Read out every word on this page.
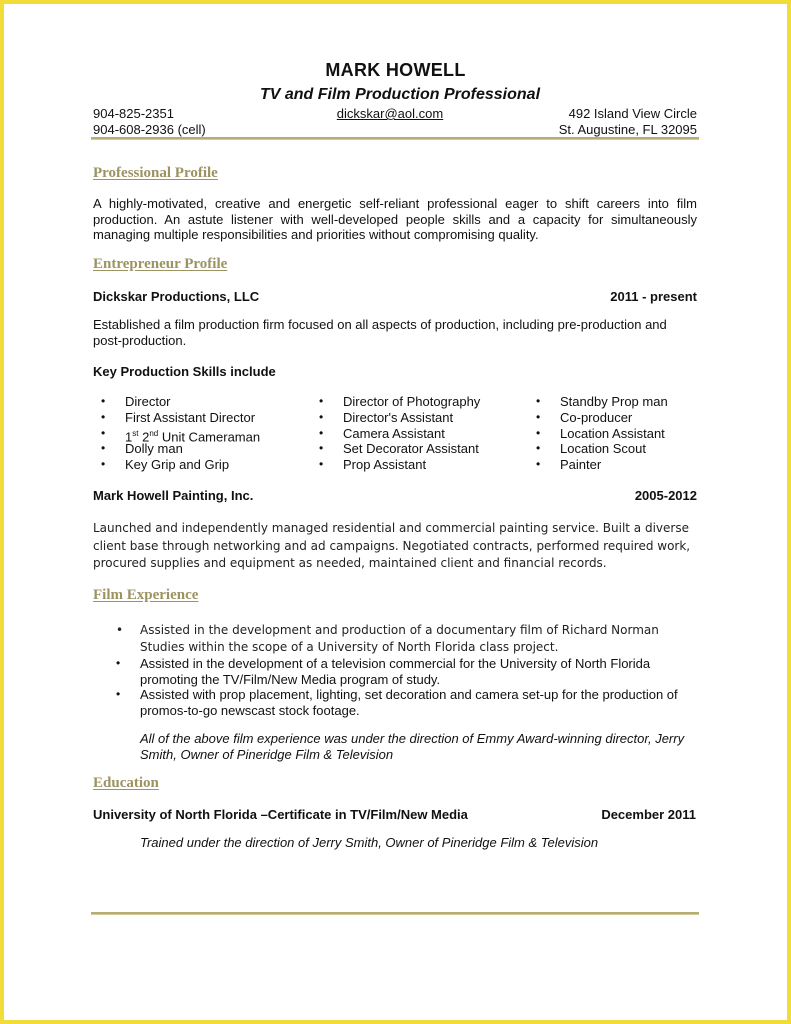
MARK HOWELL
TV and Film Production Professional
904-825-2351
904-608-2936 (cell)
dickskar@aol.com	492 Island View Circle
St. Augustine, FL 32095
Professional Profile
A highly-motivated, creative and energetic self-reliant professional eager to shift careers into film production. An astute listener with well-developed people skills and a capacity for simultaneously managing multiple responsibilities and priorities without compromising quality.
Entrepreneur Profile
Dickskar Productions, LLC	2011 - present
Established a film production firm focused on all aspects of production, including pre-production and post-production.
Key Production Skills include
• Director
• First Assistant Director
• 1st 2nd Unit Cameraman
• Dolly man
• Key Grip and Grip
• Director of Photography
• Director's Assistant
• Camera Assistant
• Set Decorator Assistant
• Prop Assistant
• Standby Prop man
• Co-producer
• Location Assistant
• Location Scout
• Painter
Mark Howell Painting, Inc.	2005-2012
Launched and independently managed residential and commercial painting service. Built a diverse client base through networking and ad campaigns. Negotiated contracts, performed required work, procured supplies and equipment as needed, maintained client and financial records.
Film Experience
• Assisted in the development and production of a documentary film of Richard Norman Studies within the scope of a University of North Florida class project.
• Assisted in the development of a television commercial for the University of North Florida promoting the TV/Film/New Media program of study.
• Assisted with prop placement, lighting, set decoration and camera set-up for the production of promos-to-go newscast stock footage.
All of the above film experience was under the direction of Emmy Award-winning director, Jerry Smith, Owner of Pineridge Film & Television
Education
University of North Florida –Certificate in TV/Film/New Media	December 2011
Trained under the direction of Jerry Smith, Owner of Pineridge Film & Television
